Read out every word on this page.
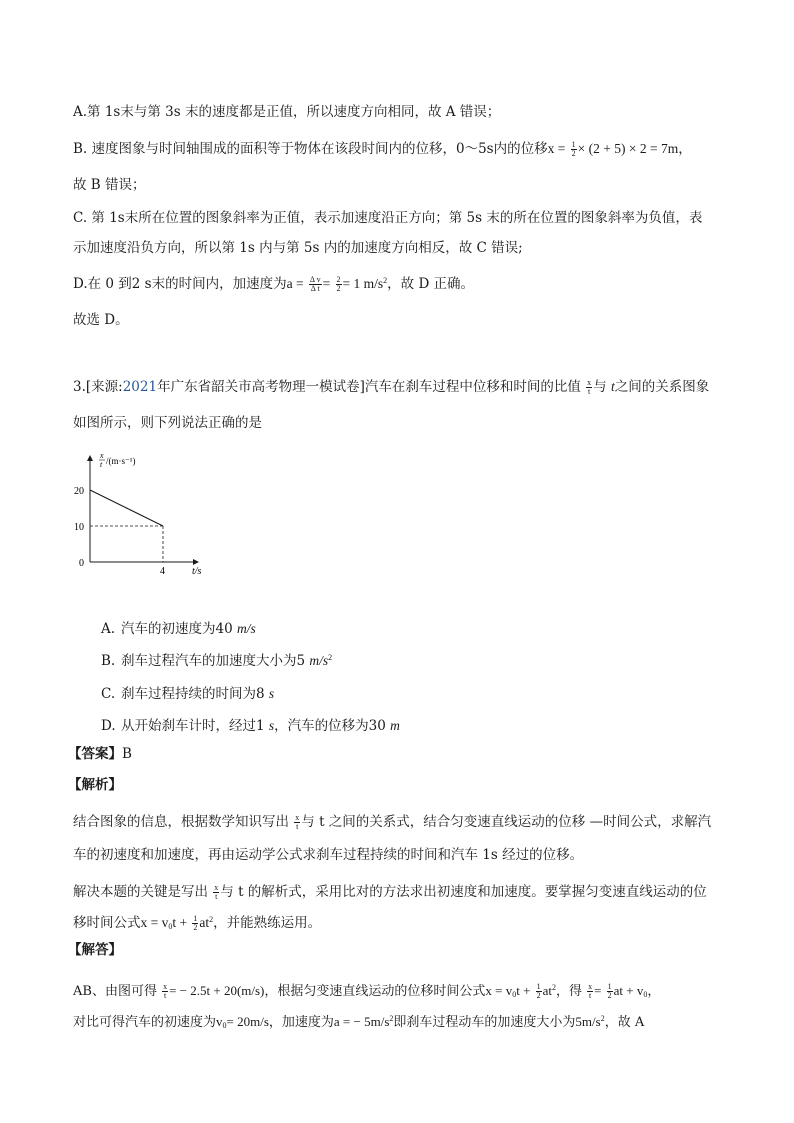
A.第 1s末与第 3s 末的速度都是正值，所以速度方向相同，故 A 错误；
B. 速度图象与时间轴围成的面积等于物体在该段时间内的位移，0～5s内的位移$x = \frac{1}{2} \times (2 + 5) \times 2 = 7m$，
故 B 错误；
C. 第 1s末所在位置的图象斜率为正值，表示加速度沿正方向；第 5s 末的所在位置的图象斜率为负值，表
示加速度沿负方向，所以第 1s 内与第 5s 内的加速度方向相反，故 C 错误;
D.在 0 到2 s末的时间内，加速度为$a = \frac{\text{Δ v}}{\text{Δ t}} = \frac{2}{2} = 1$ $m/s^2$，故 D 正确。
故选 D。
3.[来源:2021年广东省韶关市高考物理一模试卷]汽车在刹车过程中位移和时间的比值 $\frac{x}{t}$ 与 t之间的关系图象
如图所示，则下列说法正确的是
20
10
4
x
t /(m·s⁻¹)
t/s
0
A. 汽车的初速度为40 m/s
B. 刹车过程汽车的加速度大小为5 $m/s^2$
C. 刹车过程持续的时间为8 s
D. 从开始刹车计时，经过1 s，汽车的位移为30 m
【答案】B
【解析】
结合图象的信息，根据数学知识写出 $\frac{x}{t}$ 与 t 之间的关系式，结合匀变速直线运动的位移 —时间公式，求解汽
车的初速度和加速度，再由运动学公式求刹车过程持续的时间和汽车 1s 经过的位移。
解决本题的关键是写出 $\frac{x}{t}$ 与 t 的解析式，采用比对的方法求出初速度和加速度。要掌握匀变速直线运动的位
移时间公式$x = v_0t + \frac{1}{2} at^2$，并能熟练运用。
【解答】
AB、由图可得 $\frac{x}{t}$ = − 2.5t + 20(m/s)，根据匀变速直线运动的位移时间公式$x = v_0t + \frac{1}{2} at^2$，得 $\frac{x}{t} = \frac{1}{2}$ at + $v_0$，
对比可得汽车的初速度为$v_0= 20m/s$，加速度为a = − $5m/s^2$即刹车过程动车的加速度大小为$5m/s^2$，故 A
